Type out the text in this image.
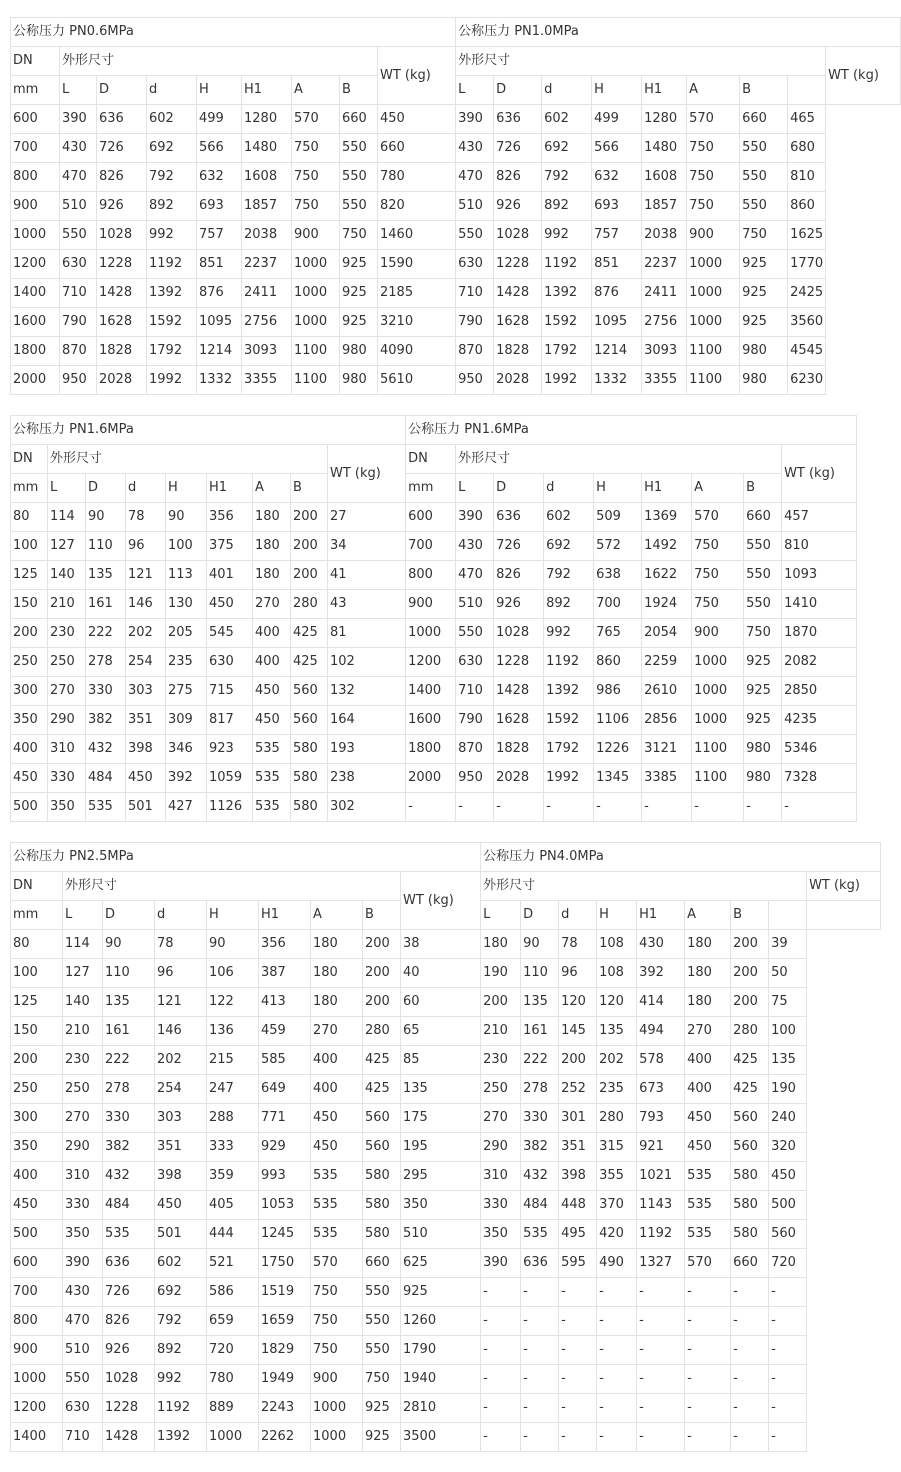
公称压力 PN0.6MPa									公称压力 PN1.0MPa								
DN	外形尺寸							WT (kg)	外形尺寸								WT (kg)
mm	L	D	d	H	H1	A	B		L	D	d	H	H1	A	B		
600	390	636	602	499	1280	570	660	450	390	636	602	499	1280	570	660	465	
700	430	726	692	566	1480	750	550	660	430	726	692	566	1480	750	550	680	
800	470	826	792	632	1608	750	550	780	470	826	792	632	1608	750	550	810	
900	510	926	892	693	1857	750	550	820	510	926	892	693	1857	750	550	860	
1000	550	1028	992	757	2038	900	750	1460	550	1028	992	757	2038	900	750	1625	
1200	630	1228	1192	851	2237	1000	925	1590	630	1228	1192	851	2237	1000	925	1770	
1400	710	1428	1392	876	2411	1000	925	2185	710	1428	1392	876	2411	1000	925	2425	
1600	790	1628	1592	1095	2756	1000	925	3210	790	1628	1592	1095	2756	1000	925	3560	
1800	870	1828	1792	1214	3093	1100	980	4090	870	1828	1792	1214	3093	1100	980	4545	
2000	950	2028	1992	1332	3355	1100	980	5610	950	2028	1992	1332	3355	1100	980	6230	
公称压力 PN1.6MPa									公称压力 PN1.6MPa								
DN	外形尺寸							WT (kg)	DN	外形尺寸							WT (kg)
mm	L	D	d	H	H1	A	B		mm	L	D	d	H	H1	A	B	
80	114	90	78	90	356	180	200	27	600	390	636	602	509	1369	570	660	457
100	127	110	96	100	375	180	200	34	700	430	726	692	572	1492	750	550	810
125	140	135	121	113	401	180	200	41	800	470	826	792	638	1622	750	550	1093
150	210	161	146	130	450	270	280	43	900	510	926	892	700	1924	750	550	1410
200	230	222	202	205	545	400	425	81	1000	550	1028	992	765	2054	900	750	1870
250	250	278	254	235	630	400	425	102	1200	630	1228	1192	860	2259	1000	925	2082
300	270	330	303	275	715	450	560	132	1400	710	1428	1392	986	2610	1000	925	2850
350	290	382	351	309	817	450	560	164	1600	790	1628	1592	1106	2856	1000	925	4235
400	310	432	398	346	923	535	580	193	1800	870	1828	1792	1226	3121	1100	980	5346
450	330	484	450	392	1059	535	580	238	2000	950	2028	1992	1345	3385	1100	980	7328
500	350	535	501	427	1126	535	580	302	-	-	-	-	-	-	-	-	-
公称压力 PN2.5MPa									公称压力 PN4.0MPa								
DN	外形尺寸							WT (kg)	外形尺寸								WT (kg)
mm	L	D	d	H	H1	A	B		L	D	d	H	H1	A	B		
80	114	90	78	90	356	180	200	38	180	90	78	108	430	180	200	39	
100	127	110	96	106	387	180	200	40	190	110	96	108	392	180	200	50	
125	140	135	121	122	413	180	200	60	200	135	120	120	414	180	200	75	
150	210	161	146	136	459	270	280	65	210	161	145	135	494	270	280	100	
200	230	222	202	215	585	400	425	85	230	222	200	202	578	400	425	135	
250	250	278	254	247	649	400	425	135	250	278	252	235	673	400	425	190	
300	270	330	303	288	771	450	560	175	270	330	301	280	793	450	560	240	
350	290	382	351	333	929	450	560	195	290	382	351	315	921	450	560	320	
400	310	432	398	359	993	535	580	295	310	432	398	355	1021	535	580	450	
450	330	484	450	405	1053	535	580	350	330	484	448	370	1143	535	580	500	
500	350	535	501	444	1245	535	580	510	350	535	495	420	1192	535	580	560	
600	390	636	602	521	1750	570	660	625	390	636	595	490	1327	570	660	720	
700	430	726	692	586	1519	750	550	925	-	-	-	-	-	-	-	-	
800	470	826	792	659	1659	750	550	1260	-	-	-	-	-	-	-	-	
900	510	926	892	720	1829	750	550	1790	-	-	-	-	-	-	-	-	
1000	550	1028	992	780	1949	900	750	1940	-	-	-	-	-	-	-	-	
1200	630	1228	1192	889	2243	1000	925	2810	-	-	-	-	-	-	-	-	
1400	710	1428	1392	1000	2262	1000	925	3500	-	-	-	-	-	-	-	-	
